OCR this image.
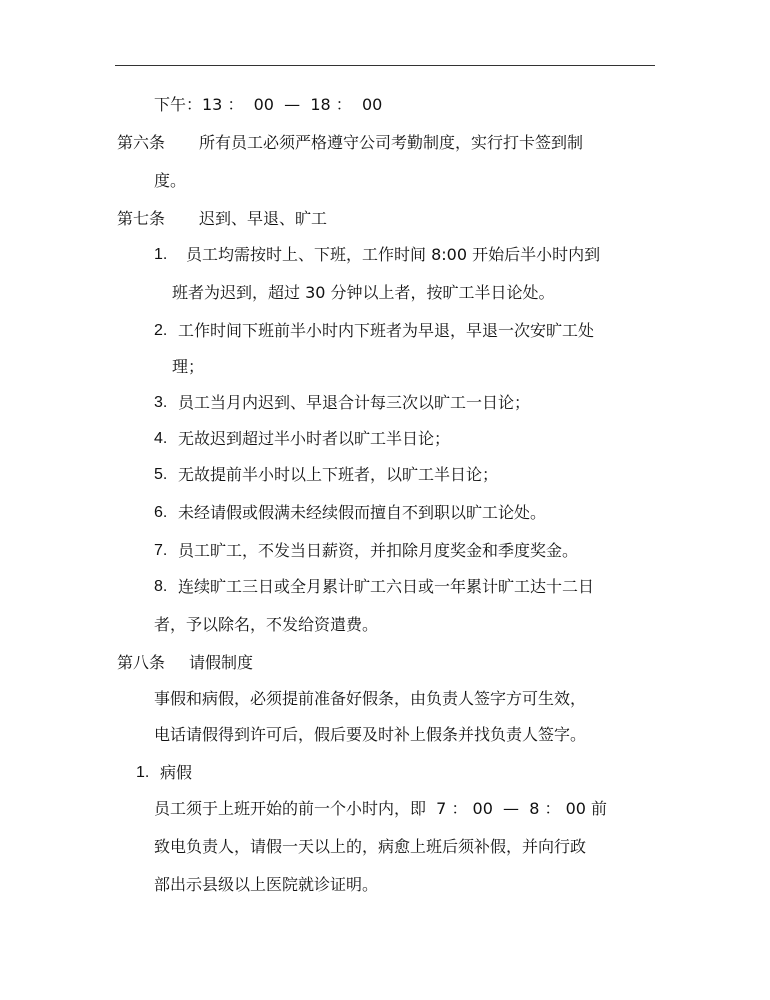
下午：13 ：  00  —  18 ：  00
第六条 所有员工必须严格遵守公司考勤制度，实行打卡签到制
度。
第七条 迟到、早退、旷工
1. 员工均需按时上、下班，工作时间 8:00 开始后半小时内到
班者为迟到，超过 30 分钟以上者，按旷工半日论处。
2. 工作时间下班前半小时内下班者为早退，早退一次安旷工处
理；
3. 员工当月内迟到、早退合计每三次以旷工一日论；
4. 无故迟到超过半小时者以旷工半日论；
5. 无故提前半小时以上下班者，以旷工半日论；
6. 未经请假或假满未经续假而擅自不到职以旷工论处。
7. 员工旷工，不发当日薪资，并扣除月度奖金和季度奖金。
8. 连续旷工三日或全月累计旷工六日或一年累计旷工达十二日
者，予以除名，不发给资遣费。
第八条 请假制度
事假和病假，必须提前准备好假条，由负责人签字方可生效，
电话请假得到许可后，假后要及时补上假条并找负责人签字。
1. 病假
员工须于上班开始的前一个小时内，即  7 ： 00  —  8 ： 00 前
致电负责人，请假一天以上的，病愈上班后须补假，并向行政
部出示县级以上医院就诊证明。
